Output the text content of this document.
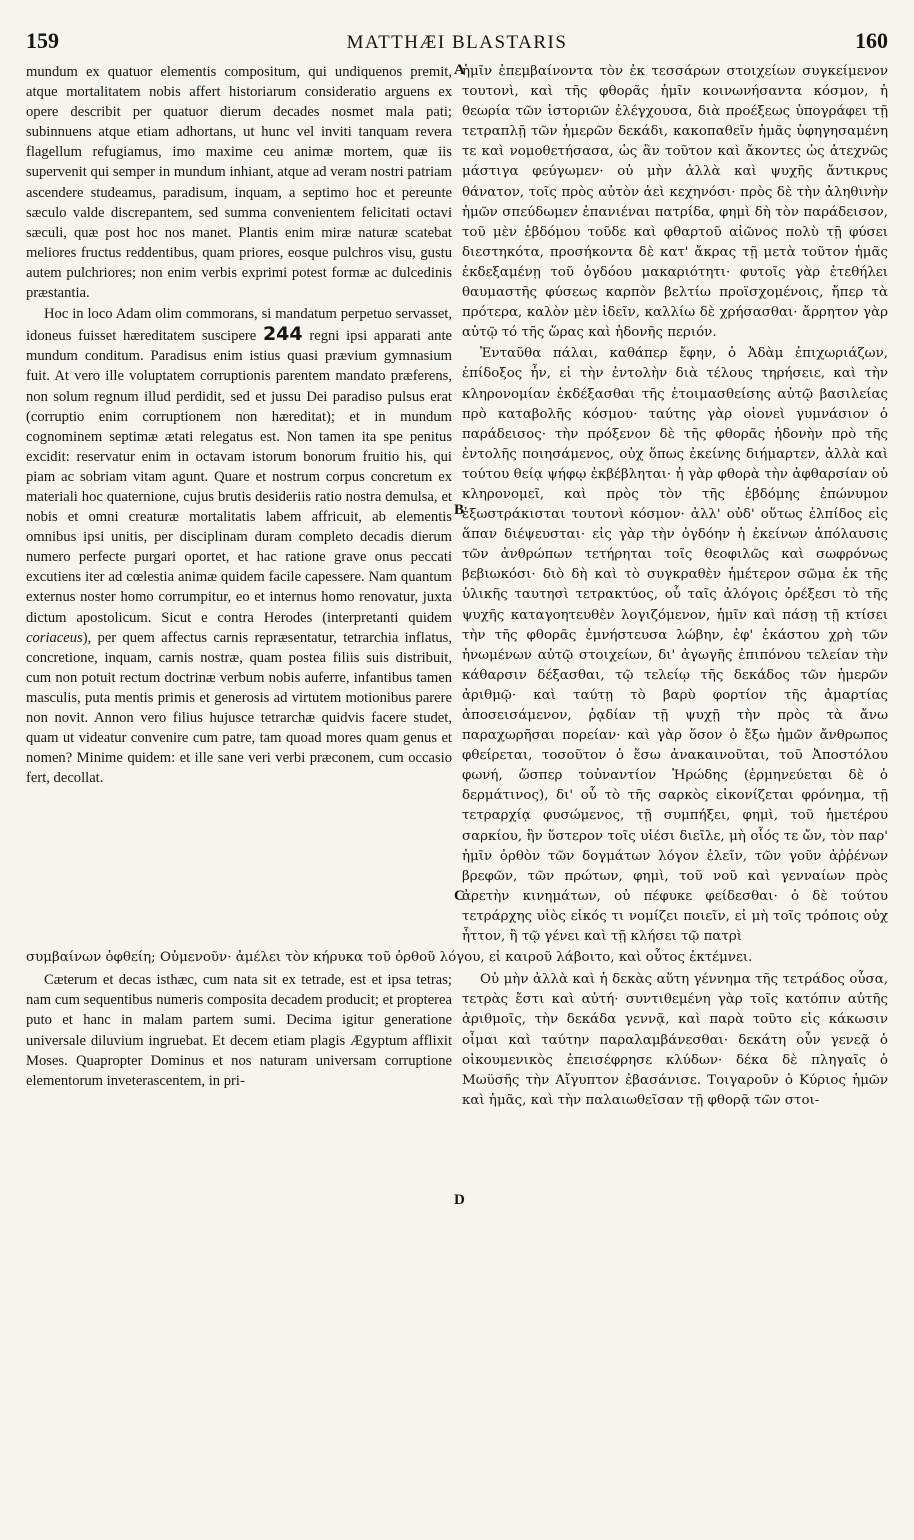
159	MATTHÆI BLASTARIS	160

mundum ex quatuor elementis compositum, qui undiquenos premit, atque mortalitatem nobis affert historiarum consideratio arguens ex opere describit per quatuor dierum decades nosmet mala pati; subinnuens atque etiam adhortans, ut hunc vel inviti tanquam revera flagellum refugiamus, imo maxime ceu animæ mortem, quæ iis supervenit qui semper in mundum inhiant, atque ad veram nostri patriam ascendere studeamus, paradisum, inquam, a septimo hoc et pereunte sæculo valde discrepantem, sed summa convenientem felicitati octavi sæculi, quæ post hoc nos manet. Plantis enim miræ naturæ scatebat meliores fructus reddentibus, quam priores, eosque pulchros visu, gustu autem pulchriores; non enim verbis exprimi potest formæ ac dulcedinis præstantia.

Hoc in loco Adam olim commorans, si mandatum perpetuo servasset, idoneus fuisset hæreditatem suscipere 244 regni ipsi apparati ante mundum conditum. Paradisus enim istius quasi prævium gymnasium fuit. At vero ille voluptatem corruptionis parentem mandato præferens, non solum regnum illud perdidit, sed et jussu Dei paradiso pulsus erat (corruptio enim corruptionem non hæreditat); et in mundum cognominem septimæ ætati relegatus est. Non tamen ita spe penitus excidit: reservatur enim in octavam istorum bonorum fruitio his, qui piam ac sobriam vitam agunt. Quare et nostrum corpus concretum ex materiali hoc quaternione, cujus brutis desideriis ratio nostra demulsa, et nobis et omni creaturæ mortalitatis labem affricuit, ab elementis omnibus ipsi unitis, per disciplinam duram completo decadis dierum numero perfecte purgari oportet, et hac ratione grave onus peccati excutiens iter ad cœlestia animæ quidem facile capessere. Nam quantum externus noster homo corrumpitur, eo et internus homo renovatur, juxta dictum apostolicum. Sicut e contra Herodes (interpretanti quidem coriaceus), per quem affectus carnis repræsentatur, tetrarchia inflatus, concretione, inquam, carnis nostræ, quam postea filiis suis distribuit, cum non potuit rectum doctrinæ verbum nobis auferre, infantibus tamen masculis, puta mentis primis et generosis ad virtutem motionibus parere non novit. Annon vero filius hujusce tetrarchæ quidvis facere studet, quam ut videatur convenire cum patre, tam quoad mores quam genus et nomen? Minime quidem: et ille sane veri verbi præconem, cum occasio fert, decollat.

A
B
C
D

ἡμῖν ἐπεμβαίνοντα τὸν ἐκ τεσσάρων στοιχείων συγκείμενον τουτονὶ, καὶ τῆς φθορᾶς ἡμῖν κοινωνήσαντα κόσμον, ἡ θεωρία τῶν ἱστοριῶν ἐλέγχουσα, διὰ προέξεως ὑπογράφει τῇ τετραπλῇ τῶν ἡμερῶν δεκάδι, κακοπαθεῖν ἡμᾶς ὑφηγησαμένη τε καὶ νομοθετήσασα, ὡς ἂν τοῦτον καὶ ἄκοντες ὡς ἀτεχνῶς μάστιγα φεύγωμεν· οὐ μὴν ἀλλὰ καὶ ψυχῆς ἄντικρυς θάνατον, τοῖς πρὸς αὐτὸν ἀεὶ κεχηνόσι· πρὸς δὲ τὴν ἀληθινὴν ἡμῶν σπεύδωμεν ἐπανιέναι πατρίδα, φημὶ δὴ τὸν παράδεισον, τοῦ μὲν ἑβδόμου τοῦδε καὶ φθαρτοῦ αἰῶνος πολὺ τῇ φύσει διεστηκότα, προσήκοντα δὲ κατ' ἄκρας τῇ μετὰ τοῦτον ἡμᾶς ἐκδεξαμένῃ τοῦ ὀγδόου μακαριότητι· φυτοῖς γὰρ ἐτεθήλει θαυμαστῆς φύσεως καρπὸν βελτίω προϊσχομένοις, ἤπερ τὰ πρότερα, καλὸν μὲν ἰδεῖν, καλλίω δὲ χρήσασθαι· ἄρρητον γὰρ αὐτῷ τό τῆς ὥρας καὶ ἡδονῆς περιόν.

Ἐνταῦθα πάλαι, καθάπερ ἔφην, ὁ Ἀδὰμ ἐπιχωριάζων, ἐπίδοξος ἦν, εἰ τὴν ἐντολὴν διὰ τέλους τηρήσειε, καὶ τὴν κληρονομίαν ἐκδέξασθαι τῆς ἑτοιμασθείσης αὐτῷ βασιλείας πρὸ καταβολῆς κόσμου· ταύτης γὰρ οἱονεὶ γυμνάσιον ὁ παράδεισος· τὴν πρόξενον δὲ τῆς φθορᾶς ἡδονὴν πρὸ τῆς ἐντολῆς ποιησάμενος, οὐχ ὅπως ἐκείνης διήμαρτεν, ἀλλὰ καὶ τούτου θείᾳ ψήφῳ ἐκβέβληται· ἡ γὰρ φθορὰ τὴν ἀφθαρσίαν οὐ κληρονομεῖ, καὶ πρὸς τὸν τῆς ἑβδόμης ἐπώνυμον ἐξωστράκισται τουτονὶ κόσμον· ἀλλ' οὐδ' οὕτως ἐλπίδος εἰς ἅπαν διέψευσται· εἰς γὰρ τὴν ὀγδόην ἡ ἐκείνων ἀπόλαυσις τῶν ἀνθρώπων τετήρηται τοῖς θεοφιλῶς καὶ σωφρόνως βεβιωκόσι· διὸ δὴ καὶ τὸ συγκραθὲν ἡμέτερον σῶμα ἐκ τῆς ὑλικῆς ταυτησὶ τετρακτύος, οὗ ταῖς ἀλόγοις ὀρέξεσι τὸ τῆς ψυχῆς καταγοητευθὲν λογιζόμενον, ἡμῖν καὶ πάσῃ τῇ κτίσει τὴν τῆς φθορᾶς ἐμνήστευσα λώβην, ἐφ' ἑκάστου χρὴ τῶν ἡνωμένων αὐτῷ στοιχείων, δι' ἀγωγῆς ἐπιπόνου τελείαν τὴν κάθαρσιν δέξασθαι, τῷ τελείῳ τῆς δεκάδος τῶν ἡμερῶν ἀριθμῷ· καὶ ταύτῃ τὸ βαρὺ φορτίον τῆς ἁμαρτίας ἀποσεισάμενον, ῥᾳδίαν τῇ ψυχῇ τὴν πρὸς τὰ ἄνω παραχωρῆσαι πορείαν· καὶ γὰρ ὅσον ὁ ἔξω ἡμῶν ἄνθρωπος φθείρεται, τοσοῦτον ὁ ἔσω ἀνακαινοῦται, τοῦ Ἀποστόλου φωνή, ὥσπερ τοὐναντίον Ἡρώδης (ἑρμηνεύεται δὲ ὁ δερμάτινος), δι' οὗ τὸ τῆς σαρκὸς εἰκονίζεται φρόνημα, τῇ τετραρχίᾳ φυσώμενος, τῇ συμπήξει, φημὶ, τοῦ ἡμετέρου σαρκίου, ἣν ὕστερον τοῖς υἱέσι διεῖλε, μὴ οἷός τε ὤν, τὸν παρ' ἡμῖν ὀρθὸν τῶν δογμάτων λόγον ἑλεῖν, τῶν γοῦν ἀῤῥένων βρεφῶν, τῶν πρώτων, φημὶ, τοῦ νοῦ καὶ γενναίων πρὸς ἀρετὴν κινημάτων, οὐ πέφυκε φείδεσθαι· ὁ δὲ τούτου τετράρχης υἱὸς εἰκός τι νομίζει ποιεῖν, εἰ μὴ τοῖς τρόποις οὐχ ἧττον, ἢ τῷ γένει καὶ τῇ κλήσει τῷ πατρὶ

συμβαίνων ὀφθείη; Οὐμενοῦν· ἀμέλει τὸν κήρυκα τοῦ ὀρθοῦ λόγου, εἰ καιροῦ λάβοιτο, καὶ οὗτος ἐκτέμνει.

Cæterum et decas isthæc, cum nata sit ex tetrade, est et ipsa tetras; nam cum sequentibus numeris composita decadem producit; et propterea puto et hanc in malam partem sumi. Decima igitur generatione universale diluvium ingruebat. Et decem etiam plagis Ægyptum afflixit Moses. Quapropter Dominus et nos naturam universam corruptione elementorum inveterascentem, in pri-

Οὐ μὴν ἀλλὰ καὶ ἡ δεκὰς αὕτη γέννημα τῆς τετράδος οὖσα, τετρὰς ἔστι καὶ αὐτή· συντιθεμένη γὰρ τοῖς κατόπιν αὐτῆς ἀριθμοῖς, τὴν δεκάδα γεννᾷ, καὶ παρὰ τοῦτο εἰς κάκωσιν οἶμαι καὶ ταύτην παραλαμβάνεσθαι· δεκάτη οὖν γενεᾷ ὁ οἰκουμενικὸς ἐπεισέφρησε κλύδων· δέκα δὲ πληγαῖς ὁ Μωϋσῆς τὴν Αἴγυπτον ἐβασάνισε. Τοιγαροῦν ὁ Κύριος ἡμῶν καὶ ἡμᾶς, καὶ τὴν παλαιωθεῖσαν τῇ φθορᾷ τῶν στοι-
